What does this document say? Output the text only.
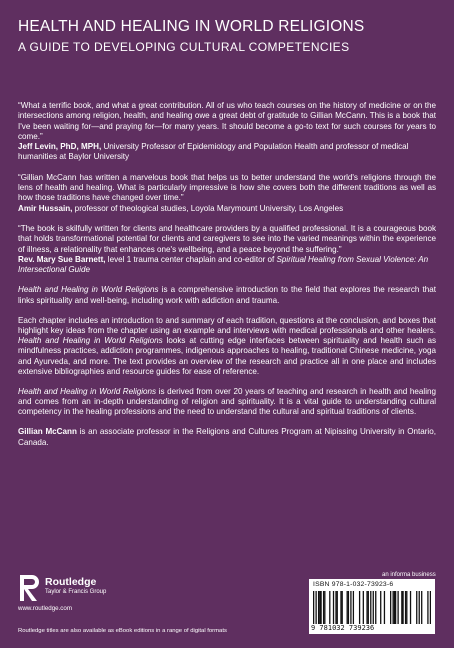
HEALTH AND HEALING IN WORLD RELIGIONS
A GUIDE TO DEVELOPING CULTURAL COMPETENCIES

“What a terrific book, and what a great contribution. All of us who teach courses on the history of medicine or on the intersections among religion, health, and healing owe a great debt of gratitude to Gillian McCann. This is a book that I've been waiting for—and praying for—for many years. It should become a go-to text for such courses for years to come.”

Jeff Levin, PhD, MPH, University Professor of Epidemiology and Population Health and professor of medical humanities at Baylor University

“Gillian McCann has written a marvelous book that helps us to better understand the world's religions through the lens of health and healing. What is particularly impressive is how she covers both the different traditions as well as how those traditions have changed over time.”

Amir Hussain, professor of theological studies, Loyola Marymount University, Los Angeles

“The book is skilfully written for clients and healthcare providers by a qualified professional. It is a courageous book that holds transformational potential for clients and caregivers to see into the varied meanings within the experience of illness, a relationality that enhances one's wellbeing, and a peace beyond the suffering.”

Rev. Mary Sue Barnett, level 1 trauma center chaplain and co-editor of Spiritual Healing from Sexual Violence: An Intersectional Guide

Health and Healing in World Religions is a comprehensive introduction to the field that explores the research that links spirituality and well-being, including work with addiction and trauma.

Each chapter includes an introduction to and summary of each tradition, questions at the conclusion, and boxes that highlight key ideas from the chapter using an example and interviews with medical professionals and other healers. Health and Healing in World Religions looks at cutting edge interfaces between spirituality and health such as mindfulness practices, addiction programmes, indigenous approaches to healing, traditional Chinese medicine, yoga and Ayurveda, and more. The text provides an overview of the research and practice all in one place and includes extensive bibliographies and resource guides for ease of reference.

Health and Healing in World Religions is derived from over 20 years of teaching and research in health and healing and comes from an in-depth understanding of religion and spirituality. It is a vital guide to understanding cultural competency in the healing professions and the need to understand the cultural and spiritual traditions of clients.

Gillian McCann is an associate professor in the Religions and Cultures Program at Nipissing University in Ontario, Canada.

Routledge
Taylor & Francis Group
www.routledge.com
Routledge titles are also available as eBook editions in a range of digital formats
an informa business
ISBN 978-1-032-73923-6
9 781032 739236
